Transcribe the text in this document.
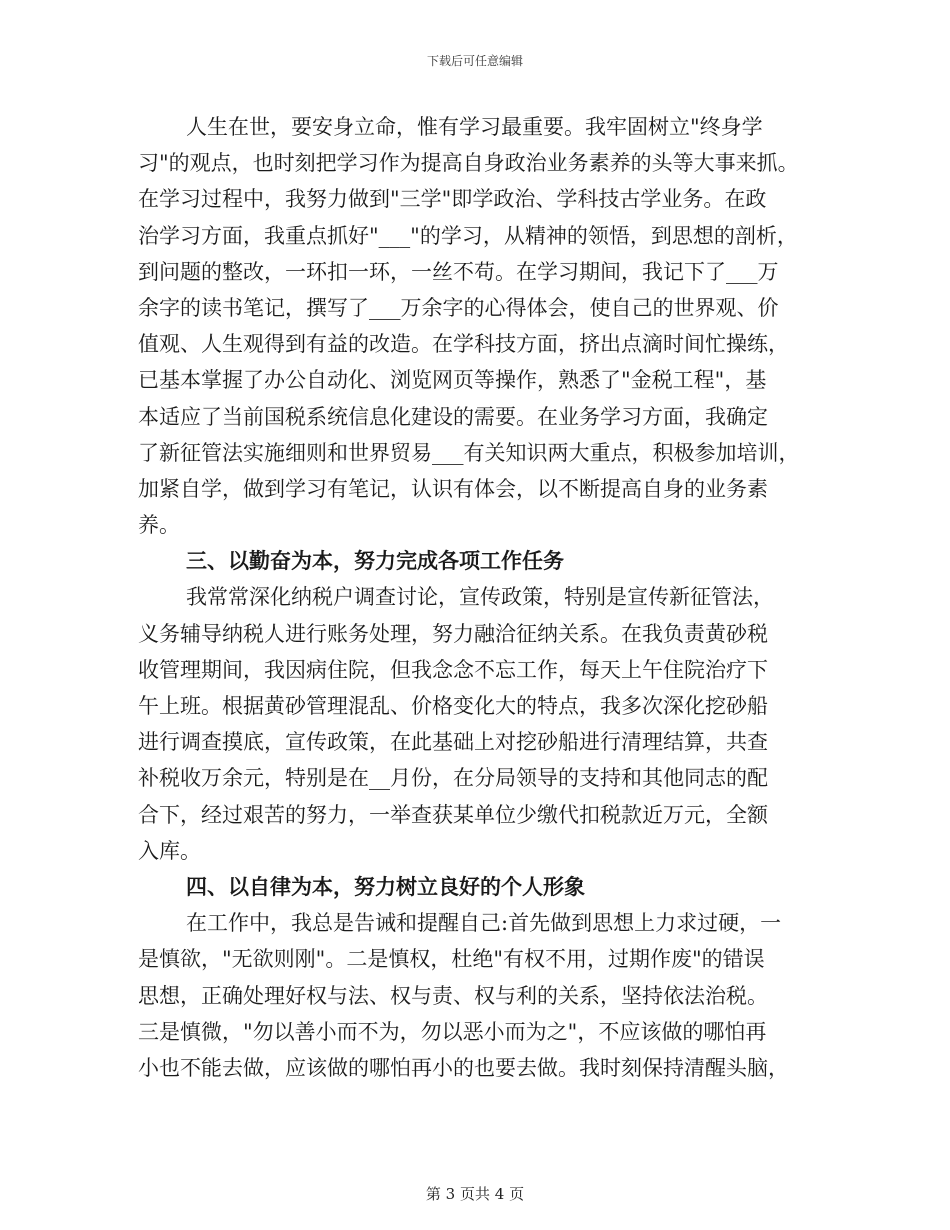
下载后可任意编辑
人生在世，要安身立命，惟有学习最重要。我牢固树立"终身学
习"的观点，也时刻把学习作为提高自身政治业务素养的头等大事来抓。
在学习过程中，我努力做到"三学"即学政治、学科技古学业务。在政
治学习方面，我重点抓好"___"的学习，从精神的领悟，到思想的剖析，
到问题的整改，一环扣一环，一丝不苟。在学习期间，我记下了___万
余字的读书笔记，撰写了___万余字的心得体会，使自己的世界观、价
值观、人生观得到有益的改造。在学科技方面，挤出点滴时间忙操练，
已基本掌握了办公自动化、浏览网页等操作，熟悉了"金税工程"，基
本适应了当前国税系统信息化建设的需要。在业务学习方面，我确定
了新征管法实施细则和世界贸易___有关知识两大重点，积极参加培训，
加紧自学，做到学习有笔记，认识有体会，以不断提高自身的业务素
养。
三、以勤奋为本，努力完成各项工作任务
我常常深化纳税户调查讨论，宣传政策，特别是宣传新征管法，
义务辅导纳税人进行账务处理，努力融洽征纳关系。在我负责黄砂税
收管理期间，我因病住院，但我念念不忘工作，每天上午住院治疗下
午上班。根据黄砂管理混乱、价格变化大的特点，我多次深化挖砂船
进行调查摸底，宣传政策，在此基础上对挖砂船进行清理结算，共查
补税收万余元，特别是在__月份，在分局领导的支持和其他同志的配
合下，经过艰苦的努力，一举查获某单位少缴代扣税款近万元，全额
入库。
四、以自律为本，努力树立良好的个人形象
在工作中，我总是告诫和提醒自己:首先做到思想上力求过硬，一
是慎欲，"无欲则刚"。二是慎权，杜绝"有权不用，过期作废"的错误
思想，正确处理好权与法、权与责、权与利的关系，坚持依法治税。
三是慎微，"勿以善小而不为，勿以恶小而为之"，不应该做的哪怕再
小也不能去做，应该做的哪怕再小的也要去做。我时刻保持清醒头脑，
第 3 页共 4 页
